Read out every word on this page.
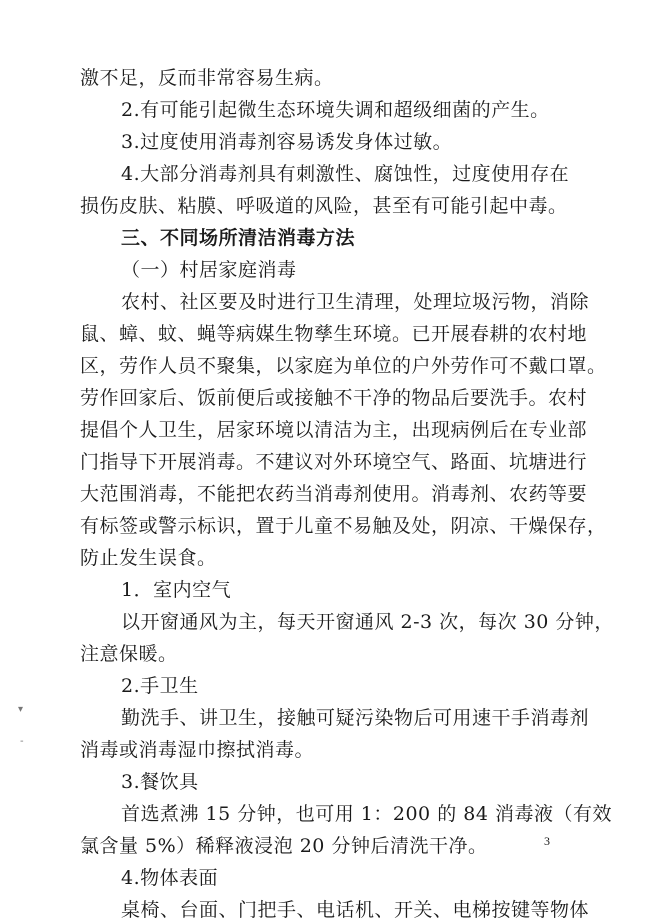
激不足，反而非常容易生病。
2.有可能引起微生态环境失调和超级细菌的产生。
3.过度使用消毒剂容易诱发身体过敏。
4.大部分消毒剂具有刺激性、腐蚀性，过度使用存在
损伤皮肤、粘膜、呼吸道的风险，甚至有可能引起中毒。
三、不同场所清洁消毒方法
（一）村居家庭消毒
农村、社区要及时进行卫生清理，处理垃圾污物，消除
鼠、蟑、蚊、蝇等病媒生物孳生环境。已开展春耕的农村地
区，劳作人员不聚集，以家庭为单位的户外劳作可不戴口罩。
劳作回家后、饭前便后或接触不干净的物品后要洗手。农村
提倡个人卫生，居家环境以清洁为主，出现病例后在专业部
门指导下开展消毒。不建议对外环境空气、路面、坑塘进行
大范围消毒，不能把农药当消毒剂使用。消毒剂、农药等要
有标签或警示标识，置于儿童不易触及处，阴凉、干燥保存，
防止发生误食。
1．室内空气
以开窗通风为主，每天开窗通风 2-3 次，每次 30 分钟，
注意保暖。
2.手卫生
勤洗手、讲卫生，接触可疑污染物后可用速干手消毒剂
消毒或消毒湿巾擦拭消毒。
3.餐饮具
首选煮沸 15 分钟，也可用 1：200 的 84 消毒液（有效
氯含量 5%）稀释液浸泡 20 分钟后清洗干净。
4.物体表面
桌椅、台面、门把手、电话机、开关、电梯按键等物体
▾
‑
3
